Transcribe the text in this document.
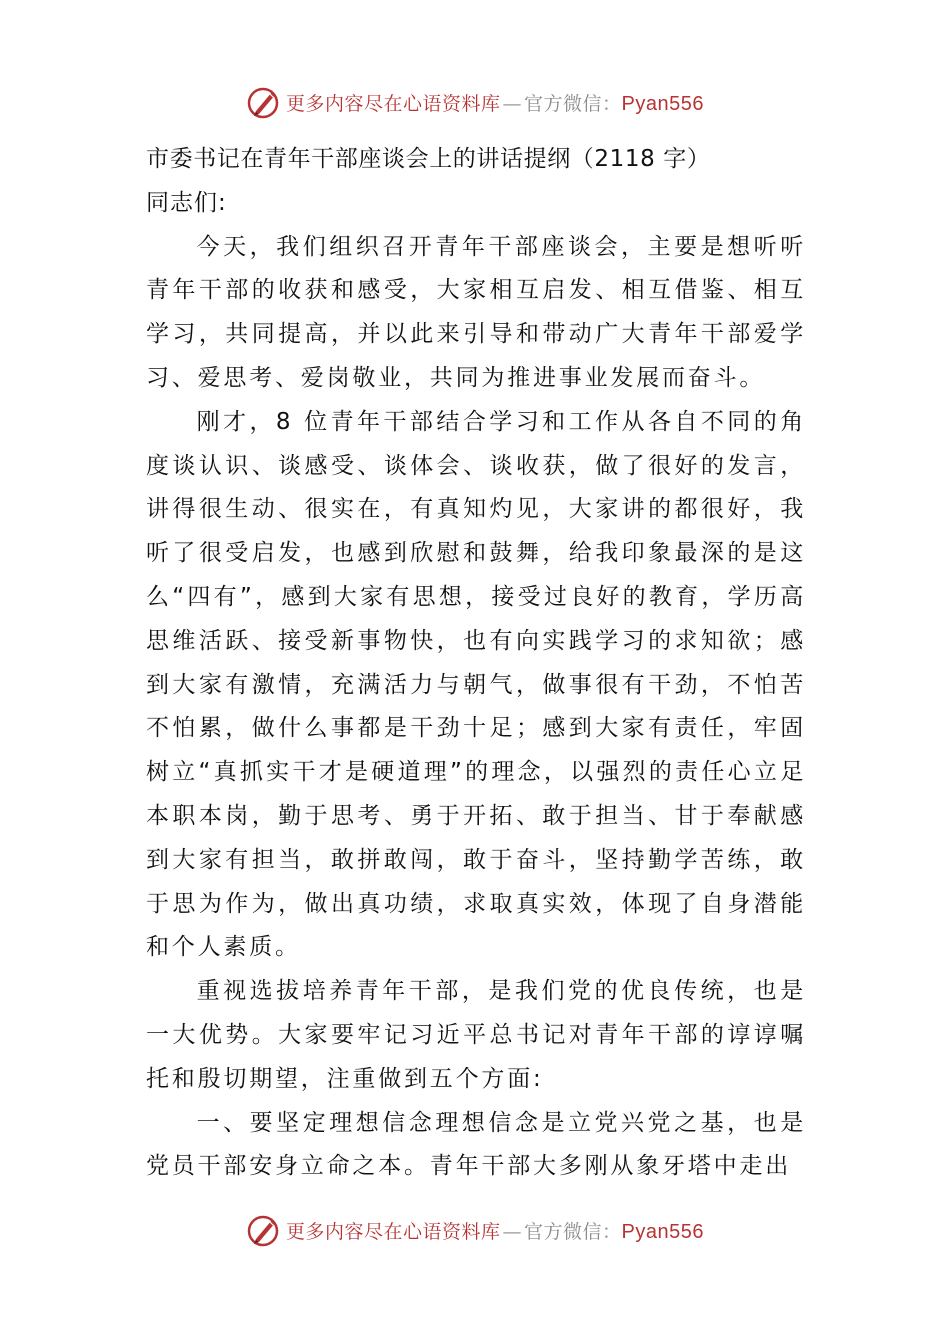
更多内容尽在心语资料库 — 官方微信：Pyan556

市委书记在青年干部座谈会上的讲话提纲（2118 字）

同志们:

今天，我们组织召开青年干部座谈会，主要是想听听青年干部的收获和感受，大家相互启发、相互借鉴、相互学习，共同提高，并以此来引导和带动广大青年干部爱学习、爱思考、爱岗敬业，共同为推进事业发展而奋斗。

刚才，8 位青年干部结合学习和工作从各自不同的角度谈认识、谈感受、谈体会、谈收获，做了很好的发言，讲得很生动、很实在，有真知灼见，大家讲的都很好，我听了很受启发，也感到欣慰和鼓舞，给我印象最深的是这么“四有”，感到大家有思想，接受过良好的教育，学历高思维活跃、接受新事物快，也有向实践学习的求知欲；感到大家有激情，充满活力与朝气，做事很有干劲，不怕苦不怕累，做什么事都是干劲十足；感到大家有责任，牢固树立“真抓实干才是硬道理”的理念，以强烈的责任心立足本职本岗，勤于思考、勇于开拓、敢于担当、甘于奉献感到大家有担当，敢拼敢闯，敢于奋斗，坚持勤学苦练，敢于思为作为，做出真功绩，求取真实效，体现了自身潜能和个人素质。

重视选拔培养青年干部，是我们党的优良传统，也是一大优势。大家要牢记习近平总书记对青年干部的谆谆嘱托和殷切期望，注重做到五个方面:

一、要坚定理想信念理想信念是立党兴党之基，也是党员干部安身立命之本。青年干部大多刚从象牙塔中走出

更多内容尽在心语资料库 — 官方微信：Pyan556
